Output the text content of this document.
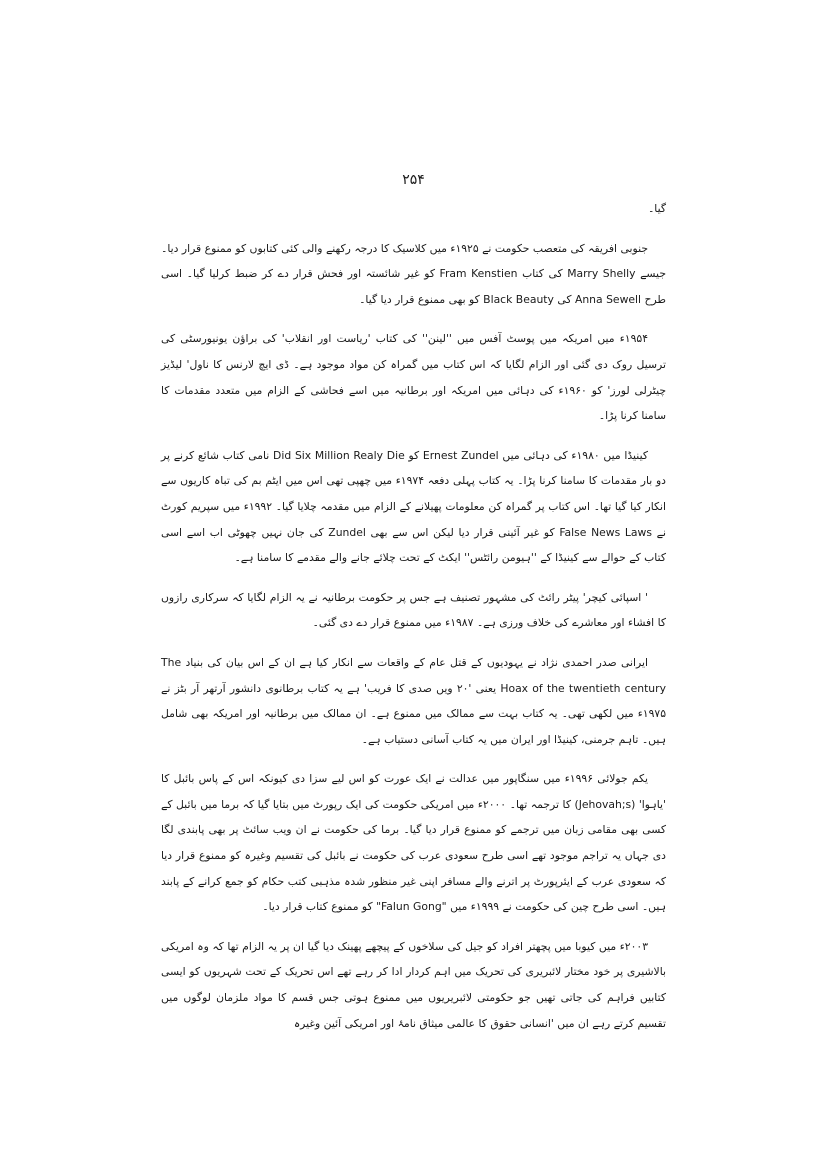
۲۵۴

گیا۔

جنوبی افریقہ کی متعصب حکومت نے ۱۹۲۵ء میں کلاسیک کا درجہ رکھنے والی کئی کتابوں کو ممنوع قرار دیا۔ جیسے Marry Shelly کی کتاب Fram Kenstien کو غیر شائستہ اور فحش قرار دے کر ضبط کرلیا گیا۔ اسی طرح Anna Sewell کی Black Beauty کو بھی ممنوع قرار دیا گیا۔

۱۹۵۴ء میں امریکہ میں پوسٹ آفس میں ''لینن'' کی کتاب 'ریاست اور انقلاب' کی براؤن یونیورسٹی کی ترسیل روک دی گئی اور الزام لگایا کہ اس کتاب میں گمراہ کن مواد موجود ہے۔ ڈی ایچ لارنس کا ناول' لیڈیز چیٹرلی لورز' کو ۱۹۶۰ء کی دہائی میں امریکہ اور برطانیہ میں اسے فحاشی کے الزام میں متعدد مقدمات کا سامنا کرنا پڑا۔

کینیڈا میں ۱۹۸۰ء کی دہائی میں Ernest Zundel کو Did Six Million Realy Die نامی کتاب شائع کرنے پر دو بار مقدمات کا سامنا کرنا پڑا۔ یہ کتاب پہلی دفعہ ۱۹۷۴ء میں چھپی تھی اس میں ایٹم بم کی تباہ کاریوں سے انکار کیا گیا تھا۔ اس کتاب پر گمراہ کن معلومات پھیلانے کے الزام میں مقدمہ چلایا گیا۔ ۱۹۹۲ء میں سپریم کورٹ نے False News Laws کو غیر آئینی قرار دیا لیکن اس سے بھی Zundel کی جان نہیں چھوٹی اب اسے اسی کتاب کے حوالے سے کینیڈا کے ''ہیومن رائٹس'' ایکٹ کے تحت چلائے جانے والے مقدمے کا سامنا ہے۔

' اسپائی کیچر' پیٹر رائٹ کی مشہور تصنیف ہے جس پر حکومت برطانیہ نے یہ الزام لگایا کہ سرکاری رازوں کا افشاء اور معاشرے کی خلاف ورزی ہے۔ ۱۹۸۷ء میں ممنوع قرار دے دی گئی۔

ایرانی صدر احمدی نژاد نے یہودیوں کے قتل عام کے واقعات سے انکار کیا ہے ان کے اس بیان کی بنیاد The Hoax of the twentieth century یعنی '۲۰ ویں صدی کا فریب' ہے یہ کتاب برطانوی دانشور آرتھر آر بٹز نے ۱۹۷۵ء میں لکھی تھی۔ یہ کتاب بہت سے ممالک میں ممنوع ہے۔ ان ممالک میں برطانیہ اور امریکہ بھی شامل ہیں۔ تاہم جرمنی، کینیڈا اور ایران میں یہ کتاب آسانی دستیاب ہے۔

یکم جولائی ۱۹۹۶ء میں سنگاپور میں عدالت نے ایک عورت کو اس لیے سزا دی کیونکہ اس کے پاس بائبل کا 'یاہوا' (Jehovah;s) کا ترجمہ تھا۔ ۲۰۰۰ء میں امریکی حکومت کی ایک رپورٹ میں بتایا گیا کہ برما میں بائبل کے کسی بھی مقامی زبان میں ترجمے کو ممنوع قرار دیا گیا۔ برما کی حکومت نے ان ویب سائٹ پر بھی پابندی لگا دی جہاں یہ تراجم موجود تھے اسی طرح سعودی عرب کی حکومت نے بائبل کی تقسیم وغیرہ کو ممنوع قرار دیا کہ سعودی عرب کے ایئرپورٹ پر اترنے والے مسافر اپنی غیر منظور شدہ مذہبی کتب حکام کو جمع کرانے کے پابند ہیں۔ اسی طرح چین کی حکومت نے ۱۹۹۹ء میں "Falun Gong" کو ممنوع کتاب قرار دیا۔

۲۰۰۳ء میں کیوبا میں پچھتر افراد کو جیل کی سلاخوں کے پیچھے پھینک دیا گیا ان پر یہ الزام تھا کہ وہ امریکی بالاشیری پر خود مختار لائبریری کی تحریک میں اہم کردار ادا کر رہے تھے اس تحریک کے تحت شہریوں کو ایسی کتابیں فراہم کی جاتی تھیں جو حکومتی لائبریریوں میں ممنوع ہوتی جس قسم کا مواد ملزمان لوگوں میں تقسیم کرتے رہے ان میں 'انسانی حقوق کا عالمی میثاق نامۂ اور امریکی آئین وغیرہ
